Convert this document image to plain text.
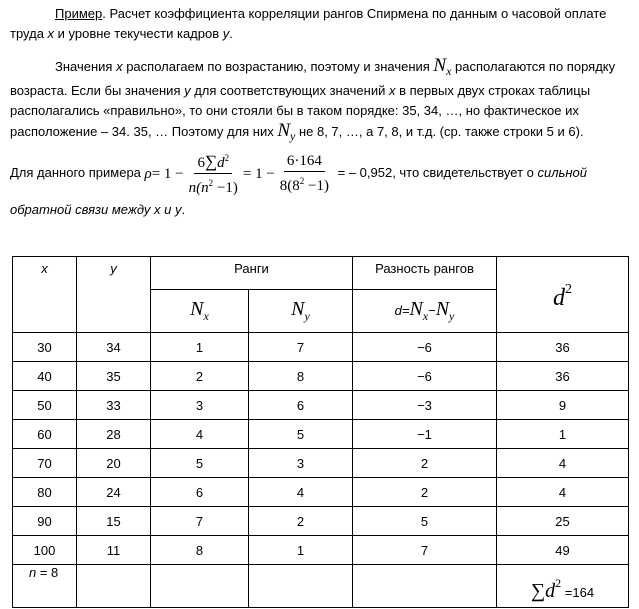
Пример. Расчет коэффициента корреляции рангов Спирмена по данным о часовой оплате труда x и уровне текучести кадров y.
Значения x располагаем по возрастанию, поэтому и значения $N_x$ располагаются по порядку возраста. Если бы значения y для соответствующих значений x в первых двух строках таблицы располагались «правильно», то они стояли бы в таком порядке: 35, 34, …, но фактическое их расположение – 34. 35, … Поэтому для них $N_y$ не 8, 7, …, а 7, 8, и т.д. (ср. также строки 5 и 6).
Для данного примера $\rho = 1 - \frac{6\sum d^2}{n(n^2 -1)} = 1 - \frac{6\cdot 164}{8(8^2 -1)}$ = – 0,952, что свидетельствует о сильной обратной связи между x и y.
x	y	Ранги		Разность рангов	$d^2$
		$N_x$	$N_y$	$d=N_x-N_y$
30	34	1	7	−6	36
40	35	2	8	−6	36
50	33	3	6	−3	9
60	28	4	5	−1	1
70	20	5	3	2	4
80	24	6	4	2	4
90	15	7	2	5	25
100	11	8	1	7	49
n = 8					$\sum d^2 =164$
